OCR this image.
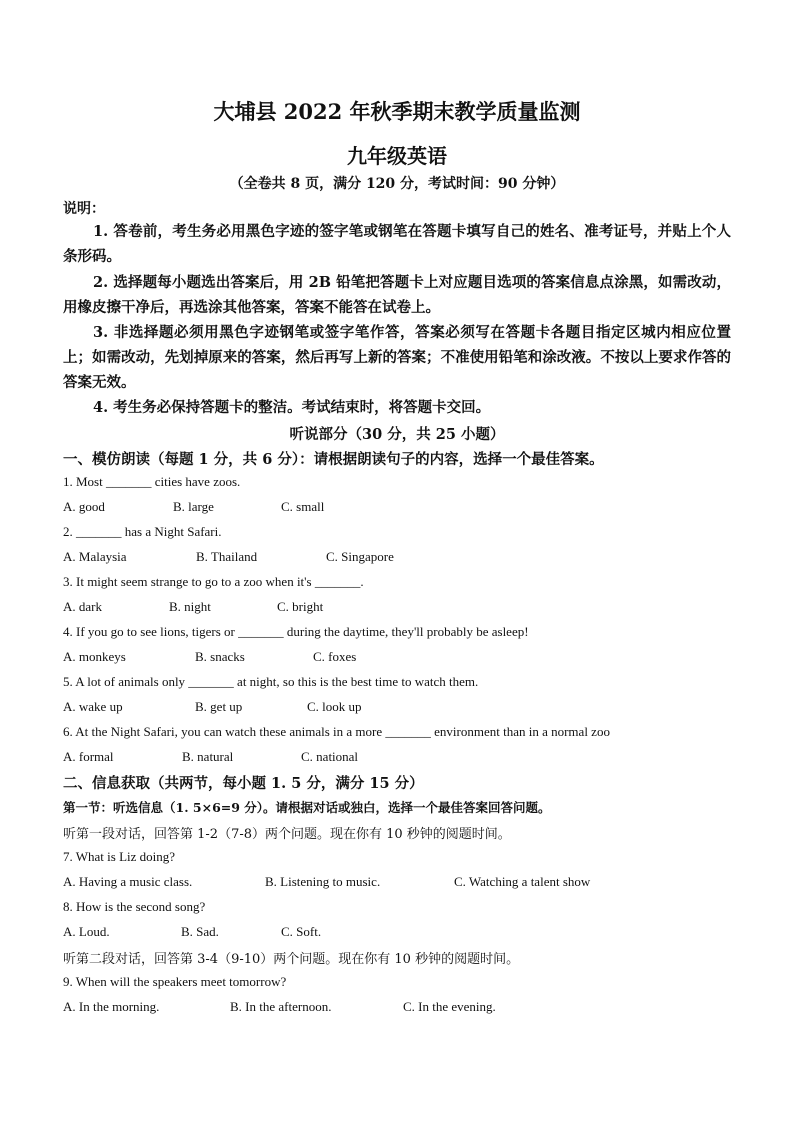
大埔县 2022 年秋季期末教学质量监测
九年级英语
（全卷共 8 页，满分 120 分，考试时间：90 分钟）
说明：
1. 答卷前，考生务必用黑色字迹的签字笔或钢笔在答题卡填写自己的姓名、准考证号，并贴上个人条形码。
2. 选择题每小题选出答案后，用 2B 铅笔把答题卡上对应题目选项的答案信息点涂黑，如需改动，用橡皮擦干净后，再选涂其他答案，答案不能答在试卷上。
3. 非选择题必须用黑色字迹钢笔或签字笔作答，答案必须写在答题卡各题目指定区城内相应位置上；如需改动，先划掉原来的答案，然后再写上新的答案；不准使用铅笔和涂改液。不按以上要求作答的答案无效。
4. 考生务必保持答题卡的整洁。考试结束时，将答题卡交回。
听说部分（30 分，共 25 小题）
一、模仿朗读（每题 1 分，共 6 分）：请根据朗读句子的内容，选择一个最佳答案。
1. Most _______ cities have zoos.
A. good	B. large	C. small
2. _______ has a Night Safari.
A. Malaysia	B. Thailand	C. Singapore
3. It might seem strange to go to a zoo when it's _______.
A. dark	B. night	C. bright
4. If you go to see lions, tigers or _______ during the daytime, they'll probably be asleep!
A. monkeys	B. snacks	C. foxes
5. A lot of animals only _______ at night, so this is the best time to watch them.
A. wake up	B. get up	C. look up
6. At the Night Safari, you can watch these animals in a more _______ environment than in a normal zoo
A. formal	B. natural	C. national
二、信息获取（共两节，每小题 1. 5 分，满分 15 分）
第一节：听选信息（1. 5×6=9 分）。请根据对话或独白，选择一个最佳答案回答问题。
听第一段对话，回答第 1-2（7-8）两个问题。现在你有 10 秒钟的阅题时间。
7. What is Liz doing?
A. Having a music class.	B. Listening to music.	C. Watching a talent show
8. How is the second song?
A. Loud.	B. Sad.	C. Soft.
听第二段对话，回答第 3-4（9-10）两个问题。现在你有 10 秒钟的阅题时间。
9. When will the speakers meet tomorrow?
A. In the morning.	B. In the afternoon.	C. In the evening.
